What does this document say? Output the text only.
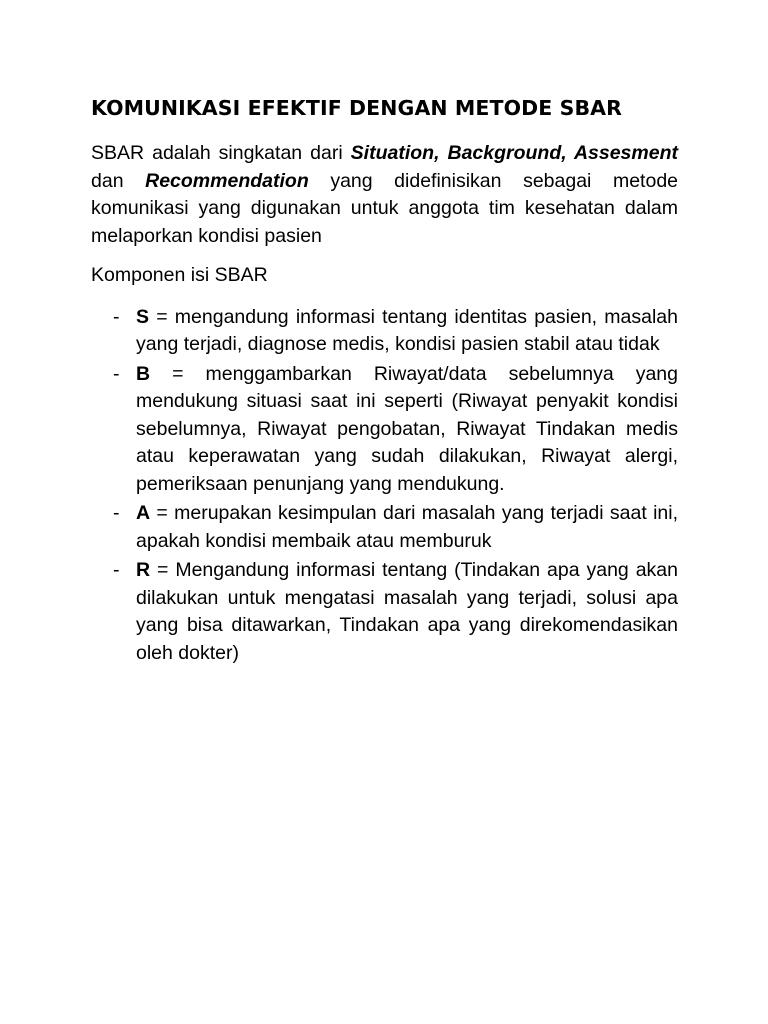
KOMUNIKASI EFEKTIF DENGAN METODE SBAR

SBAR adalah singkatan dari Situation, Background, Assesment dan Recommendation yang didefinisikan sebagai metode komunikasi yang digunakan untuk anggota tim kesehatan dalam melaporkan kondisi pasien

Komponen isi SBAR

- S = mengandung informasi tentang identitas pasien, masalah yang terjadi, diagnose medis, kondisi pasien stabil atau tidak
- B = menggambarkan Riwayat/data sebelumnya yang mendukung situasi saat ini seperti (Riwayat penyakit kondisi sebelumnya, Riwayat pengobatan, Riwayat Tindakan medis atau keperawatan yang sudah dilakukan, Riwayat alergi, pemeriksaan penunjang yang mendukung.
- A = merupakan kesimpulan dari masalah yang terjadi saat ini, apakah kondisi membaik atau memburuk
- R = Mengandung informasi tentang (Tindakan apa yang akan dilakukan untuk mengatasi masalah yang terjadi, solusi apa yang bisa ditawarkan, Tindakan apa yang direkomendasikan oleh dokter)
